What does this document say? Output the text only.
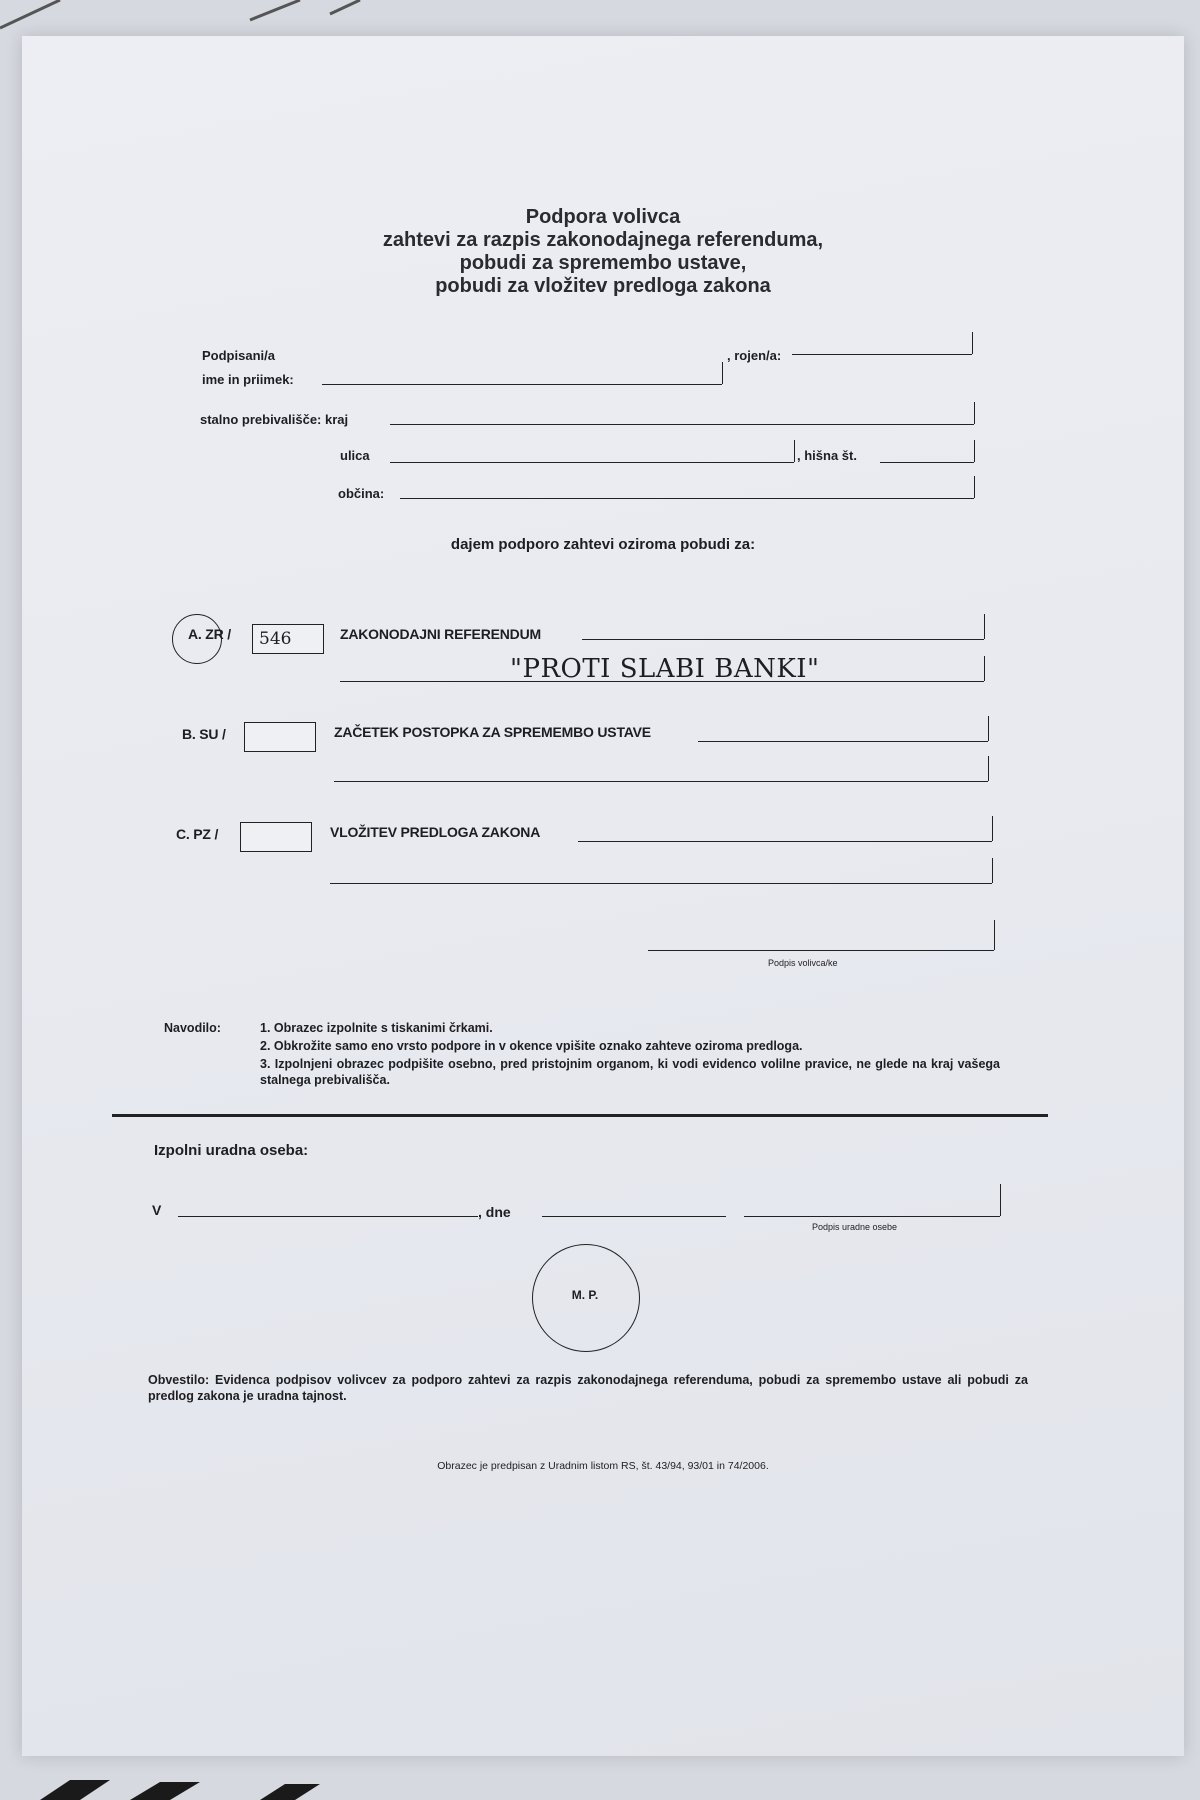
Podpora volivca
zahtevi za razpis zakonodajnega referenduma,
pobudi za spremembo ustave,
pobudi za vložitev predloga zakona
Podpisani/a
ime in priimek:
, rojen/a:
stalno prebivališče: kraj
ulica	, hišna št.
občina:
dajem podporo zahtevi oziroma pobudi za:
A. ZR / 546	ZAKONODAJNI REFERENDUM
"PROTI SLABI BANKI"
B. SU /	ZAČETEK POSTOPKA ZA SPREMEMBO USTAVE
C. PZ /	VLOŽITEV PREDLOGA ZAKONA
Podpis volivca/ke
Navodilo:	1. Obrazec izpolnite s tiskanimi črkami.
2. Obkrožite samo eno vrsto podpore in v okence vpišite oznako zahteve oziroma predloga.
3. Izpolnjeni obrazec podpišite osebno, pred pristojnim organom, ki vodi evidenco volilne pravice, ne glede na kraj vašega stalnega prebivališča.
Izpolni uradna oseba:
V	, dne
Podpis uradne osebe
M. P.
Obvestilo: Evidenca podpisov volivcev za podporo zahtevi za razpis zakonodajnega referenduma, pobudi za spremembo ustave ali pobudi za predlog zakona je uradna tajnost.
Obrazec je predpisan z Uradnim listom RS, št. 43/94, 93/01 in 74/2006.
